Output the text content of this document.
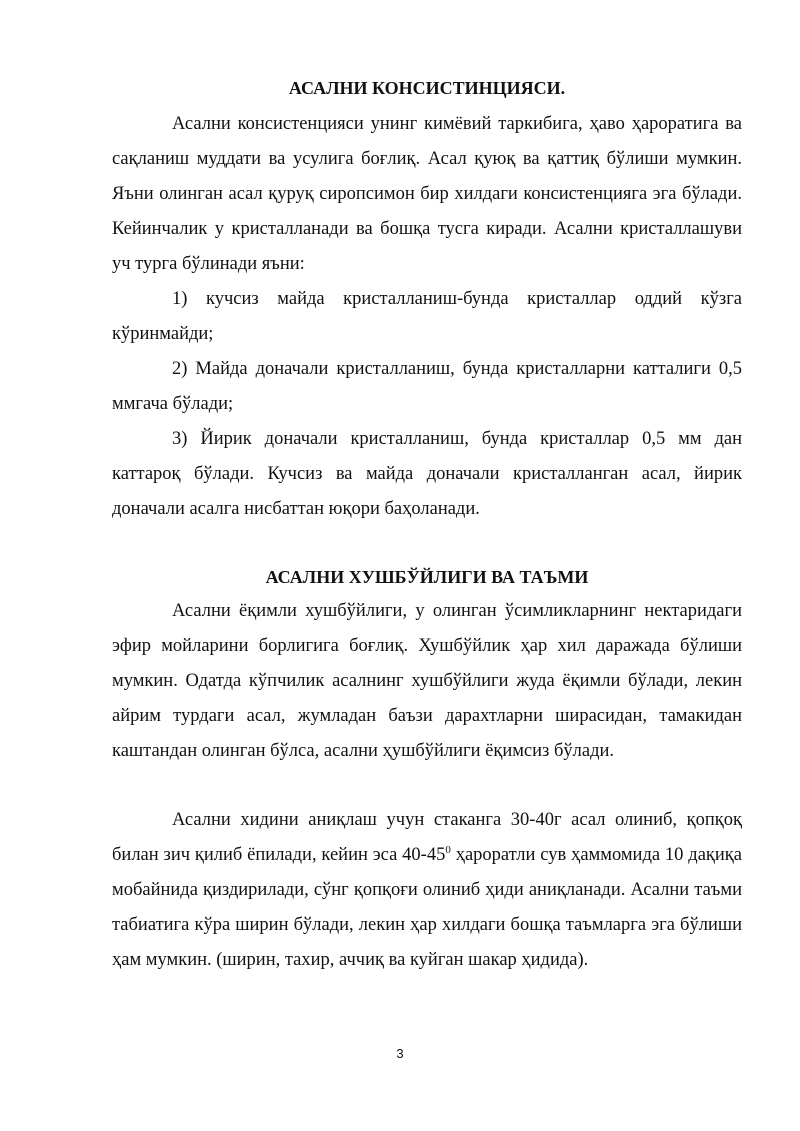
АСАЛНИ КОНСИСТИНЦИЯСИ.

Асални консистенцияси унинг кимёвий таркибига, ҳаво ҳароратига ва сақланиш муддати ва усулига боғлиқ. Асал қуюқ ва қаттиқ бўлиши мумкин. Яъни олинган асал қуруқ сиропсимон бир хилдаги консистенцияга эга бўлади. Кейинчалик у кристалланади ва бошқа тусга киради. Асални кристаллашуви уч турга бўлинади яъни:

1) кучсиз майда кристалланиш-бунда кристаллар оддий кўзга кўринмайди;

2) Майда доначали кристалланиш, бунда кристалларни катталиги 0,5 ммгача бўлади;

3) Йирик доначали кристалланиш, бунда кристаллар 0,5 мм дан каттароқ бўлади. Кучсиз ва майда доначали кристалланган асал, йирик доначали асалга нисбаттан юқори баҳоланади.

АСАЛНИ ХУШБЎЙЛИГИ ВА ТАЪМИ

Асални ёқимли хушбўйлиги, у олинган ўсимликларнинг нектаридаги эфир мойларини борлигига боғлиқ. Хушбўйлик ҳар хил даражада бўлиши мумкин. Одатда кўпчилик асалнинг хушбўйлиги жуда ёқимли бўлади, лекин айрим турдаги асал, жумладан баъзи дарахтларни ширасидан, тамакидан каштандан олинган бўлса, асални ҳушбўйлиги ёқимсиз бўлади.

Асални хидини аниқлаш учун стаканга 30-40г асал олиниб, қопқоқ билан зич қилиб ёпилади, кейин эса $40-45^0$ ҳароратли сув ҳаммомида 10 дақиқа мобайнида қиздирилади, сўнг қопқоғи олиниб ҳиди аниқланади. Асални таъми табиатига кўра ширин бўлади, лекин ҳар хилдаги бошқа таъмларга эга бўлиши ҳам мумкин. (ширин, тахир, аччиқ ва куйган шакар ҳидида).

3
